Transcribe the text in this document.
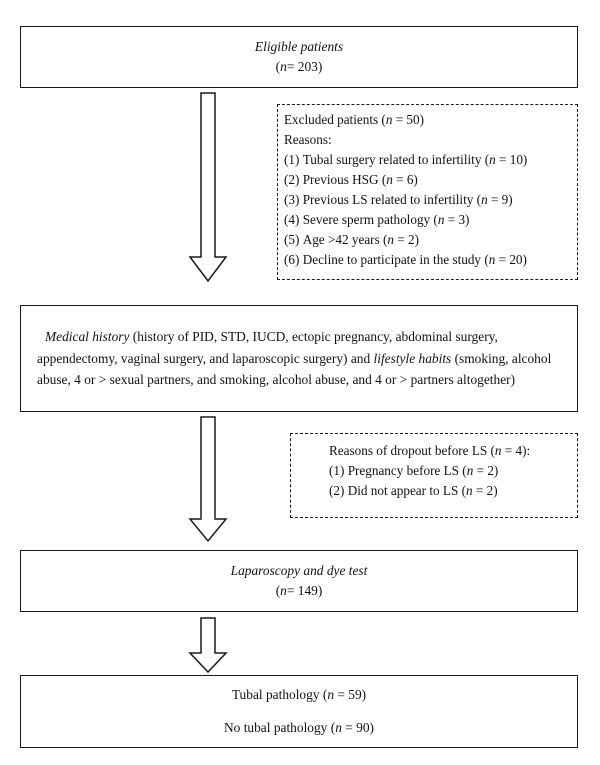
Eligible patients
(n= 203)
Excluded patients (n = 50)
Reasons:
(1) Tubal surgery related to infertility (n = 10)
(2) Previous HSG (n = 6)
(3) Previous LS related to infertility (n = 9)
(4) Severe sperm pathology (n = 3)
(5) Age >42 years (n = 2)
(6) Decline to participate in the study (n = 20)
Medical history (history of PID, STD, IUCD, ectopic pregnancy, abdominal surgery, appendectomy, vaginal surgery, and laparoscopic surgery) and lifestyle habits (smoking, alcohol abuse, 4 or > sexual partners, and smoking, alcohol abuse, and 4 or > partners altogether)
Reasons of dropout before LS (n = 4):
(1) Pregnancy before LS (n = 2)
(2) Did not appear to LS (n = 2)
Laparoscopy and dye test
(n= 149)
Tubal pathology (n = 59)
No tubal pathology (n = 90)
